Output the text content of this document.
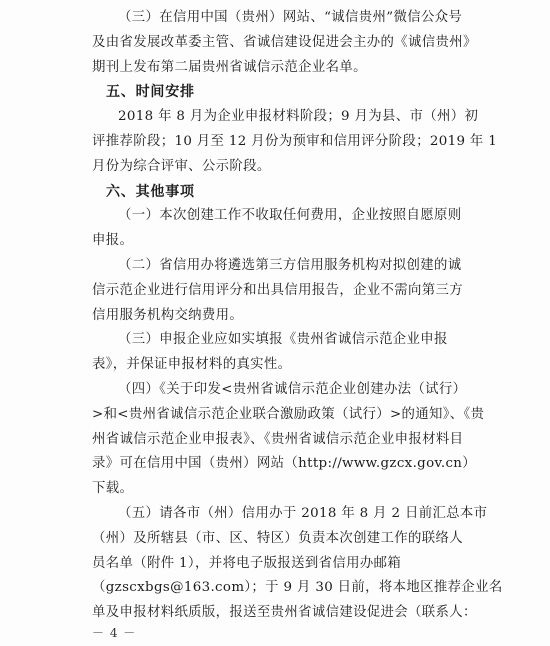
－ 4 －
（三）在信用中国（贵州）网站、“诚信贵州”微信公众号
及由省发展改革委主管、省诚信建设促进会主办的《诚信贵州》
期刊上发布第二届贵州省诚信示范企业名单。
五、时间安排
2018 年 8 月为企业申报材料阶段；9 月为县、市（州）初
评推荐阶段；10 月至 12 月份为预审和信用评分阶段；2019 年 1
月份为综合评审、公示阶段。
六、其他事项
（一）本次创建工作不收取任何费用，企业按照自愿原则
申报。
（二）省信用办将遴选第三方信用服务机构对拟创建的诚
信示范企业进行信用评分和出具信用报告，企业不需向第三方
信用服务机构交纳费用。
（三）申报企业应如实填报《贵州省诚信示范企业申报
表》，并保证申报材料的真实性。
（四）《关于印发<贵州省诚信示范企业创建办法（试行）
>和<贵州省诚信示范企业联合激励政策（试行）>的通知》、《贵
州省诚信示范企业申报表》、《贵州省诚信示范企业申报材料目
录》可在信用中国（贵州）网站（http://www.gzcx.gov.cn）
下载。
（五）请各市（州）信用办于 2018 年 8 月 2 日前汇总本市
（州）及所辖县（市、区、特区）负责本次创建工作的联络人
员名单（附件 1），并将电子版报送到省信用办邮箱
（gzscxbgs@163.com）；于 9 月 30 日前，将本地区推荐企业名
单及申报材料纸质版，报送至贵州省诚信建设促进会（联系人：
